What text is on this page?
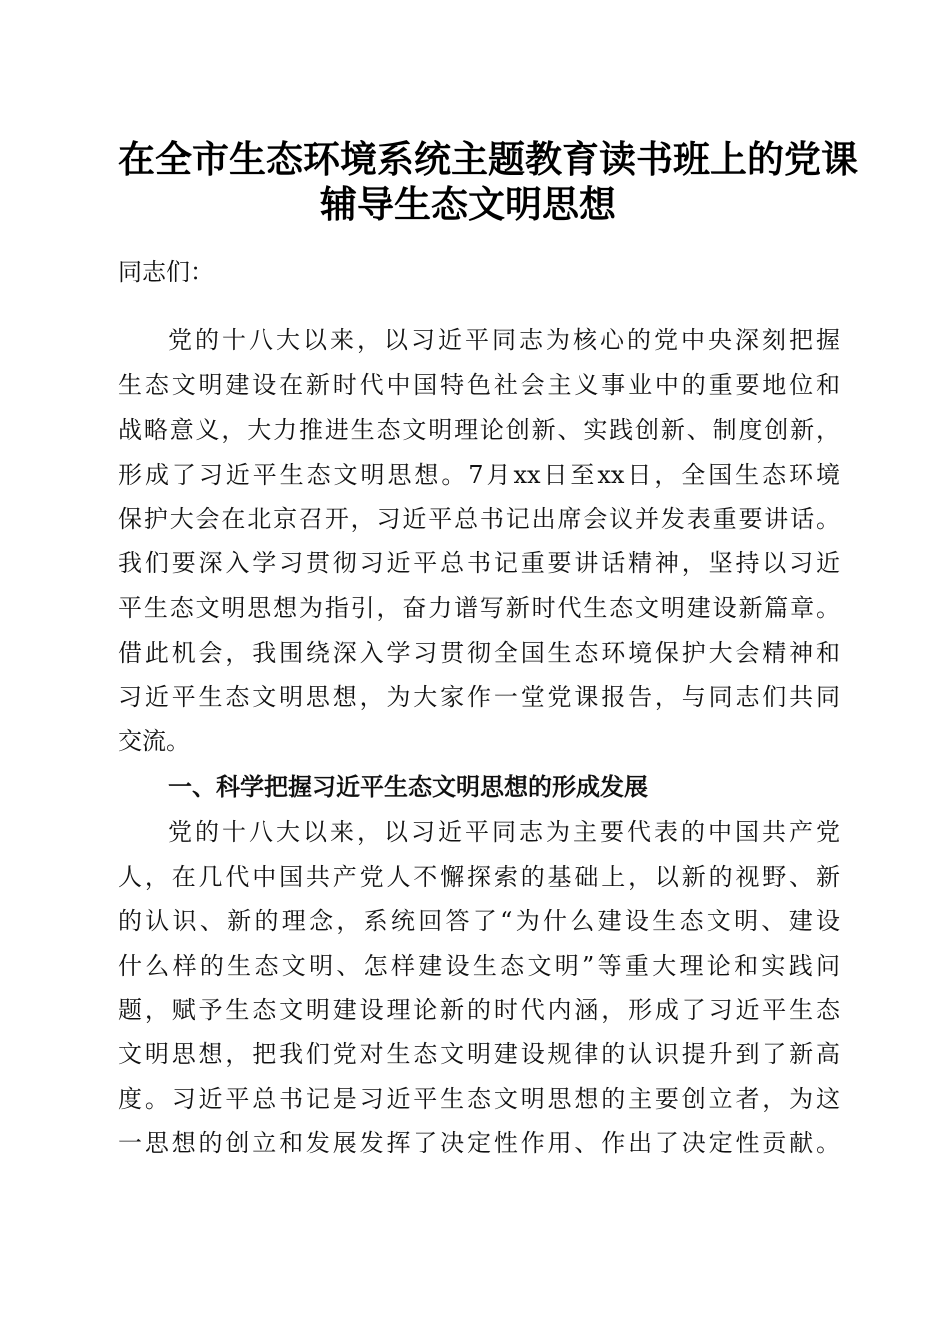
在全市生态环境系统主题教育读书班上的党课
辅导生态文明思想
同志们：
党的十八大以来，以习近平同志为核心的党中央深刻把握
生态文明建设在新时代中国特色社会主义事业中的重要地位和
战略意义，大力推进生态文明理论创新、实践创新、制度创新，
形成了习近平生态文明思想。7月xx日至xx日，全国生态环境
保护大会在北京召开，习近平总书记出席会议并发表重要讲话。
我们要深入学习贯彻习近平总书记重要讲话精神，坚持以习近
平生态文明思想为指引，奋力谱写新时代生态文明建设新篇章。
借此机会，我围绕深入学习贯彻全国生态环境保护大会精神和
习近平生态文明思想，为大家作一堂党课报告，与同志们共同
交流。
一、科学把握习近平生态文明思想的形成发展
党的十八大以来，以习近平同志为主要代表的中国共产党
人，在几代中国共产党人不懈探索的基础上，以新的视野、新
的认识、新的理念，系统回答了“为什么建设生态文明、建设
什么样的生态文明、怎样建设生态文明”等重大理论和实践问
题，赋予生态文明建设理论新的时代内涵，形成了习近平生态
文明思想，把我们党对生态文明建设规律的认识提升到了新高
度。习近平总书记是习近平生态文明思想的主要创立者，为这
一思想的创立和发展发挥了决定性作用、作出了决定性贡献。
